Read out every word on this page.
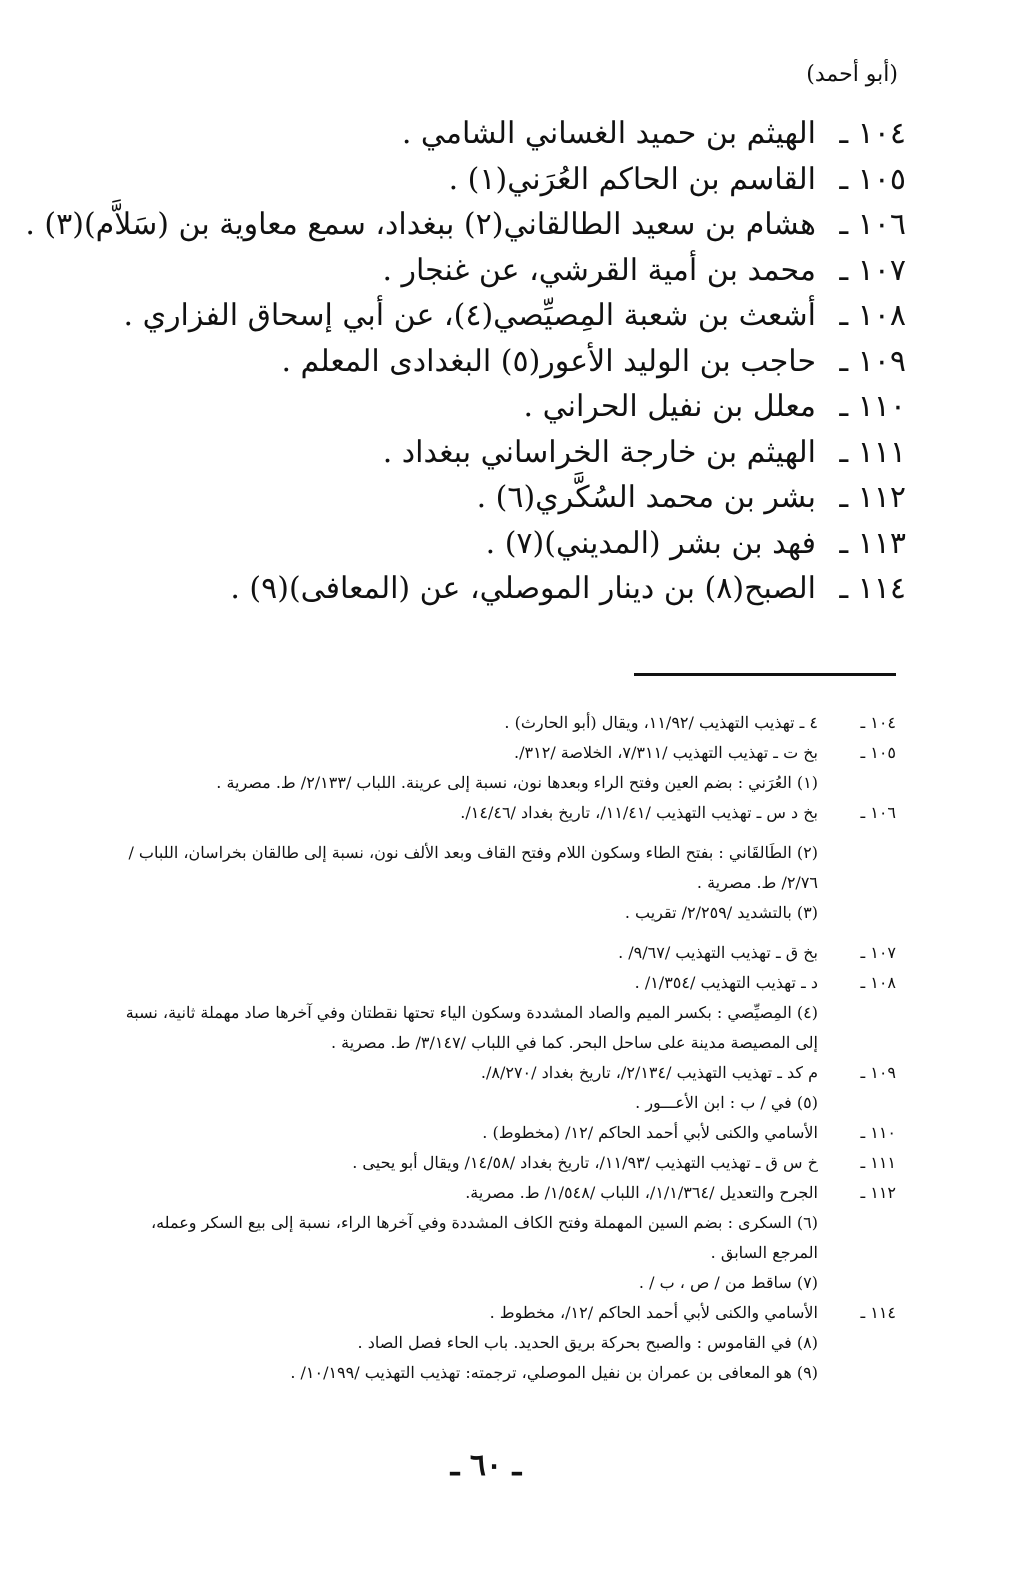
(أبو أحمد)
١٠٤ ـ
الهيثم بن حميد الغساني الشامي .
١٠٥ ـ
القاسم بن الحاكم العُرَني(١) .
١٠٦ ـ
هشام بن سعيد الطالقاني(٢) ببغداد، سمع معاوية بن (سَلاَّم)(٣) .
١٠٧ ـ
محمد بن أمية القرشي، عن غنجار .
١٠٨ ـ
أشعث بن شعبة المِصيِّصي(٤)، عن أبي إسحاق الفزاري .
١٠٩ ـ
حاجب بن الوليد الأعور(٥) البغدادى المعلم .
١١٠ ـ
معلل بن نفيل الحراني .
١١١ ـ
الهيثم بن خارجة الخراساني ببغداد .
١١٢ ـ
بشر بن محمد السُكَّري(٦) .
١١٣ ـ
فهد بن بشر (المديني)(٧) .
١١٤ ـ
الصبح(٨) بن دينار الموصلي، عن (المعافى)(٩) .
١٠٤ ـ
٤ ـ تهذيب التهذيب /١١/٩٢، ويقال (أبو الحارث) .
١٠٥ ـ
بخ ت ـ تهذيب التهذيب /٧/٣١١، الخلاصة /٣١٢/.
(١) العُرَني : بضم العين وفتح الراء وبعدها نون، نسبة إلى عرينة. اللباب /٢/١٣٣/ ط. مصرية .
١٠٦ ـ
بخ د س ـ تهذيب التهذيب /١١/٤١/، تاريخ بغداد /١٤/٤٦/.
(٢) الطَالقَاني : بفتح الطاء وسكون اللام وفتح القاف وبعد الألف نون، نسبة إلى طالقان بخراسان، اللباب /٢/٧٦/ ط. مصرية .
(٣) بالتشديد /٢/٢٥٩/ تقريب .
١٠٧ ـ
بخ ق ـ تهذيب التهذيب /٩/٦٧/ .
١٠٨ ـ
د ـ تهذيب التهذيب /١/٣٥٤/ .
(٤) المِصيِّصي : بكسر الميم والصاد المشددة وسكون الياء تحتها نقطتان وفي آخرها صاد مهملة ثانية، نسبة إلى المصيصة مدينة على ساحل البحر. كما في اللباب /٣/١٤٧/ ط. مصرية .
١٠٩ ـ
م كد ـ تهذيب التهذيب /٢/١٣٤/، تاريخ بغداد /٨/٢٧٠/.
(٥) في / ب : ابن الأعـــور .
١١٠ ـ
الأسامي والكنى لأبي أحمد الحاكم /١٢/ (مخطوط) .
١١١ ـ
خ س ق ـ تهذيب التهذيب /١١/٩٣/، تاريخ بغداد /١٤/٥٨/ ويقال أبو يحيى .
١١٢ ـ
الجرح والتعديل /١/١/٣٦٤/، اللباب /١/٥٤٨/ ط. مصرية.
(٦) السكرى : بضم السين المهملة وفتح الكاف المشددة وفي آخرها الراء، نسبة إلى بيع السكر وعمله، المرجع السابق .
(٧) ساقط من / ص ، ب / .
١١٤ ـ
الأسامي والكنى لأبي أحمد الحاكم /١٢/، مخطوط .
(٨) في القاموس : والصبح بحركة بريق الحديد. باب الحاء فصل الصاد .
(٩) هو المعافى بن عمران بن نفيل الموصلي، ترجمته: تهذيب التهذيب /١٠/١٩٩/ .
ـ ٦٠ ـ
